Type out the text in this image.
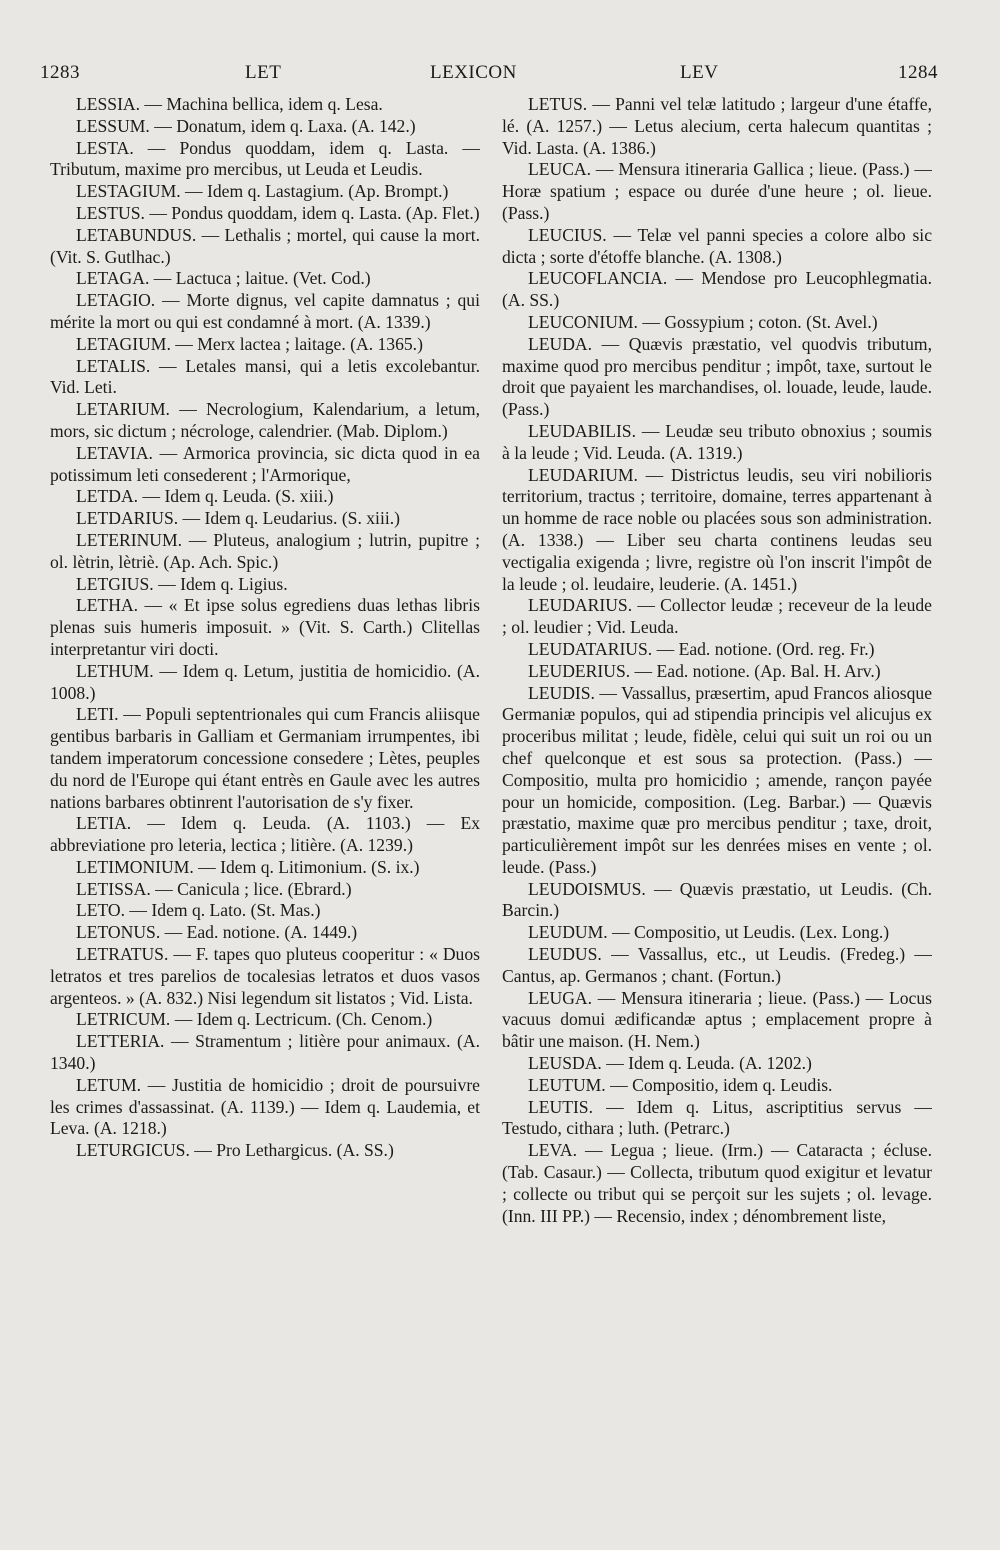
1283	LET	LEXICON	LEV	1284

LESSIA. — Machina bellica, idem q. Lesa.

LESSUM. — Donatum, idem q. Laxa. (A. 142.)

LESTA. — Pondus quoddam, idem q. Lasta. — Tributum, maxime pro mercibus, ut Leuda et Leudis.

LESTAGIUM. — Idem q. Lastagium. (Ap. Brompt.)

LESTUS. — Pondus quoddam, idem q. Lasta. (Ap. Flet.)

LETABUNDUS. — Lethalis ; mortel, qui cause la mort. (Vit. S. Gutlhac.)

LETAGA. — Lactuca ; laitue. (Vet. Cod.)

LETAGIO. — Morte dignus, vel capite damnatus ; qui mérite la mort ou qui est condamné à mort. (A. 1339.)

LETAGIUM. — Merx lactea ; laitage. (A. 1365.)

LETALIS. — Letales mansi, qui a letis excolebantur. Vid. Leti.

LETARIUM. — Necrologium, Kalendarium, a letum, mors, sic dictum ; nécrologe, calendrier. (Mab. Diplom.)

LETAVIA. — Armorica provincia, sic dicta quod in ea potissimum leti consederent ; l'Armorique,

LETDA. — Idem q. Leuda. (S. xiii.)

LETDARIUS. — Idem q. Leudarius. (S. xiii.)

LETERINUM. — Pluteus, analogium ; lutrin, pupitre ; ol. lètrin, lètriè. (Ap. Ach. Spic.)

LETGIUS. — Idem q. Ligius.

LETHA. — « Et ipse solus egrediens duas lethas libris plenas suis humeris imposuit. » (Vit. S. Carth.) Clitellas interpretantur viri docti.

LETHUM. — Idem q. Letum, justitia de homicidio. (A. 1008.)

LETI. — Populi septentrionales qui cum Francis aliisque gentibus barbaris in Galliam et Germaniam irrumpentes, ibi tandem imperatorum concessione consedere ; Lètes, peuples du nord de l'Europe qui étant entrès en Gaule avec les autres nations barbares obtinrent l'autorisation de s'y fixer.

LETIA. — Idem q. Leuda. (A. 1103.) — Ex abbreviatione pro leteria, lectica ; litière. (A. 1239.)

LETIMONIUM. — Idem q. Litimonium. (S. ix.)

LETISSA. — Canicula ; lice. (Ebrard.)

LETO. — Idem q. Lato. (St. Mas.)

LETONUS. — Ead. notione. (A. 1449.)

LETRATUS. — F. tapes quo pluteus cooperitur : « Duos letratos et tres parelios de tocalesias letratos et duos vasos argenteos. » (A. 832.) Nisi legendum sit listatos ; Vid. Lista.

LETRICUM. — Idem q. Lectricum. (Ch. Cenom.)

LETTERIA. — Stramentum ; litière pour animaux. (A. 1340.)

LETUM. — Justitia de homicidio ; droit de poursuivre les crimes d'assassinat. (A. 1139.) — Idem q. Laudemia, et Leva. (A. 1218.)

LETURGICUS. — Pro Lethargicus. (A. SS.)

LETUS. — Panni vel telæ latitudo ; largeur d'une étaffe, lé. (A. 1257.) — Letus alecium, certa halecum quantitas ; Vid. Lasta. (A. 1386.)

LEUCA. — Mensura itineraria Gallica ; lieue. (Pass.) — Horæ spatium ; espace ou durée d'une heure ; ol. lieue. (Pass.)

LEUCIUS. — Telæ vel panni species a colore albo sic dicta ; sorte d'étoffe blanche. (A. 1308.)

LEUCOFLANCIA. — Mendose pro Leucophlegmatia. (A. SS.)

LEUCONIUM. — Gossypium ; coton. (St. Avel.)

LEUDA. — Quævis præstatio, vel quodvis tributum, maxime quod pro mercibus penditur ; impôt, taxe, surtout le droit que payaient les marchandises, ol. louade, leude, laude. (Pass.)

LEUDABILIS. — Leudæ seu tributo obnoxius ; soumis à la leude ; Vid. Leuda. (A. 1319.)

LEUDARIUM. — Districtus leudis, seu viri nobilioris territorium, tractus ; territoire, domaine, terres appartenant à un homme de race noble ou placées sous son administration. (A. 1338.) — Liber seu charta continens leudas seu vectigalia exigenda ; livre, registre où l'on inscrit l'impôt de la leude ; ol. leudaire, leuderie. (A. 1451.)

LEUDARIUS. — Collector leudæ ; receveur de la leude ; ol. leudier ; Vid. Leuda.

LEUDATARIUS. — Ead. notione. (Ord. reg. Fr.)

LEUDERIUS. — Ead. notione. (Ap. Bal. H. Arv.)

LEUDIS. — Vassallus, præsertim, apud Francos aliosque Germaniæ populos, qui ad stipendia principis vel alicujus ex proceribus militat ; leude, fidèle, celui qui suit un roi ou un chef quelconque et est sous sa protection. (Pass.) — Compositio, multa pro homicidio ; amende, rançon payée pour un homicide, composition. (Leg. Barbar.) — Quævis præstatio, maxime quæ pro mercibus penditur ; taxe, droit, particulièrement impôt sur les denrées mises en vente ; ol. leude. (Pass.)

LEUDOISMUS. — Quævis præstatio, ut Leudis. (Ch. Barcin.)

LEUDUM. — Compositio, ut Leudis. (Lex. Long.)

LEUDUS. — Vassallus, etc., ut Leudis. (Fredeg.) — Cantus, ap. Germanos ; chant. (Fortun.)

LEUGA. — Mensura itineraria ; lieue. (Pass.) — Locus vacuus domui ædificandæ aptus ; emplacement propre à bâtir une maison. (H. Nem.)

LEUSDA. — Idem q. Leuda. (A. 1202.)

LEUTUM. — Compositio, idem q. Leudis.

LEUTIS. — Idem q. Litus, ascriptitius servus — Testudo, cithara ; luth. (Petrarc.)

LEVA. — Legua ; lieue. (Irm.) — Cataracta ; écluse. (Tab. Casaur.) — Collecta, tributum quod exigitur et levatur ; collecte ou tribut qui se perçoit sur les sujets ; ol. levage. (Inn. III PP.) — Recensio, index ; dénombrement liste,
